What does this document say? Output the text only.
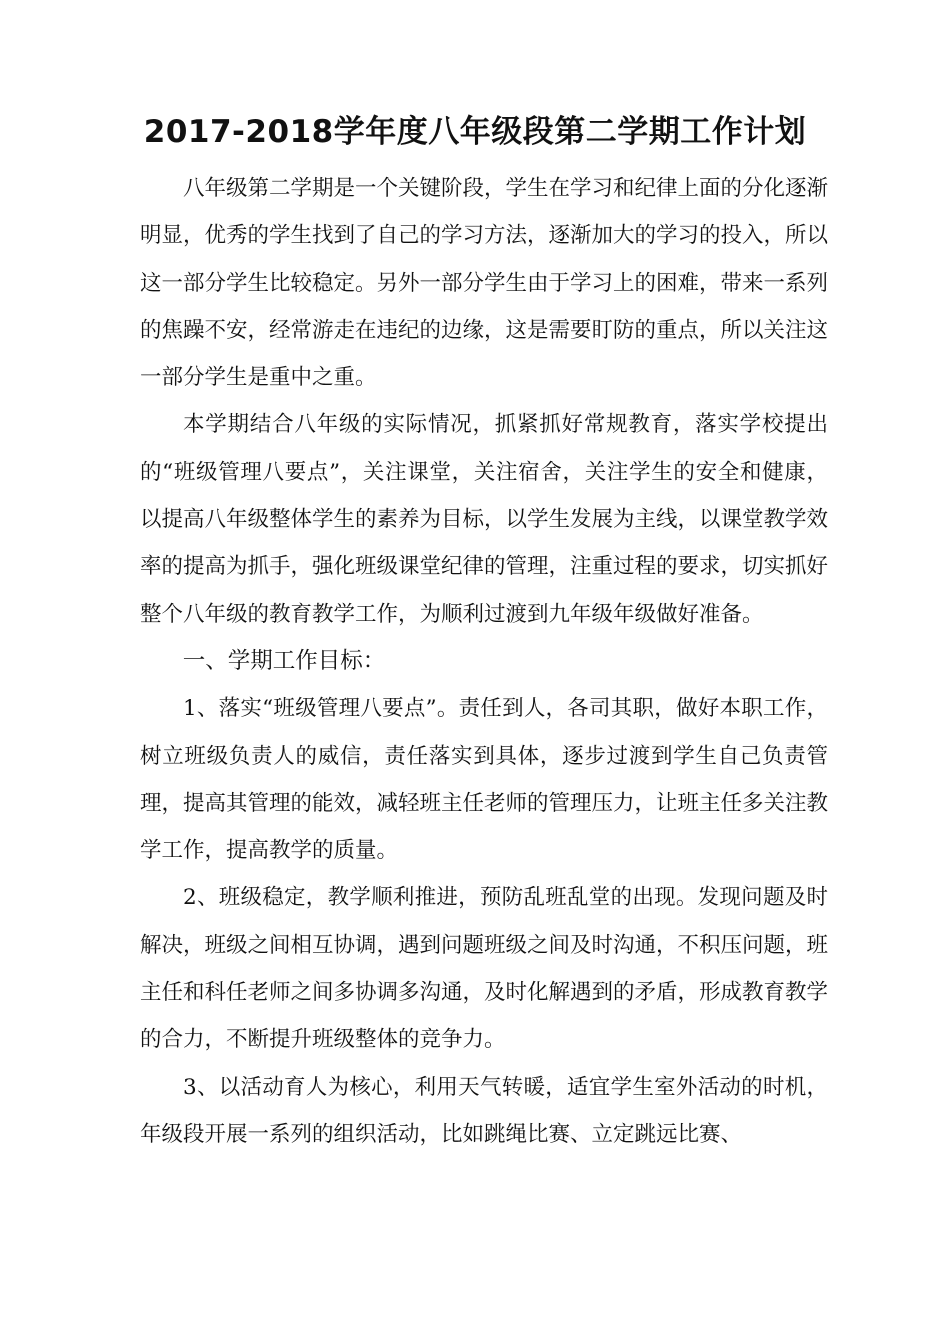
2017-2018学年度八年级段第二学期工作计划

八年级第二学期是一个关键阶段，学生在学习和纪律上面的分化逐渐明显，优秀的学生找到了自己的学习方法，逐渐加大的学习的投入，所以这一部分学生比较稳定。另外一部分学生由于学习上的困难，带来一系列的焦躁不安，经常游走在违纪的边缘，这是需要盯防的重点，所以关注这一部分学生是重中之重。

本学期结合八年级的实际情况，抓紧抓好常规教育，落实学校提出的“班级管理八要点”，关注课堂，关注宿舍，关注学生的安全和健康，以提高八年级整体学生的素养为目标，以学生发展为主线，以课堂教学效率的提高为抓手，强化班级课堂纪律的管理，注重过程的要求，切实抓好整个八年级的教育教学工作，为顺利过渡到九年级年级做好准备。

一、学期工作目标：

1、落实“班级管理八要点”。责任到人，各司其职，做好本职工作，树立班级负责人的威信，责任落实到具体，逐步过渡到学生自己负责管理，提高其管理的能效，减轻班主任老师的管理压力，让班主任多关注教学工作，提高教学的质量。

2、班级稳定，教学顺利推进，预防乱班乱堂的出现。发现问题及时解决，班级之间相互协调，遇到问题班级之间及时沟通，不积压问题，班主任和科任老师之间多协调多沟通，及时化解遇到的矛盾，形成教育教学的合力，不断提升班级整体的竞争力。

3、以活动育人为核心，利用天气转暖，适宜学生室外活动的时机，年级段开展一系列的组织活动，比如跳绳比赛、立定跳远比赛、
